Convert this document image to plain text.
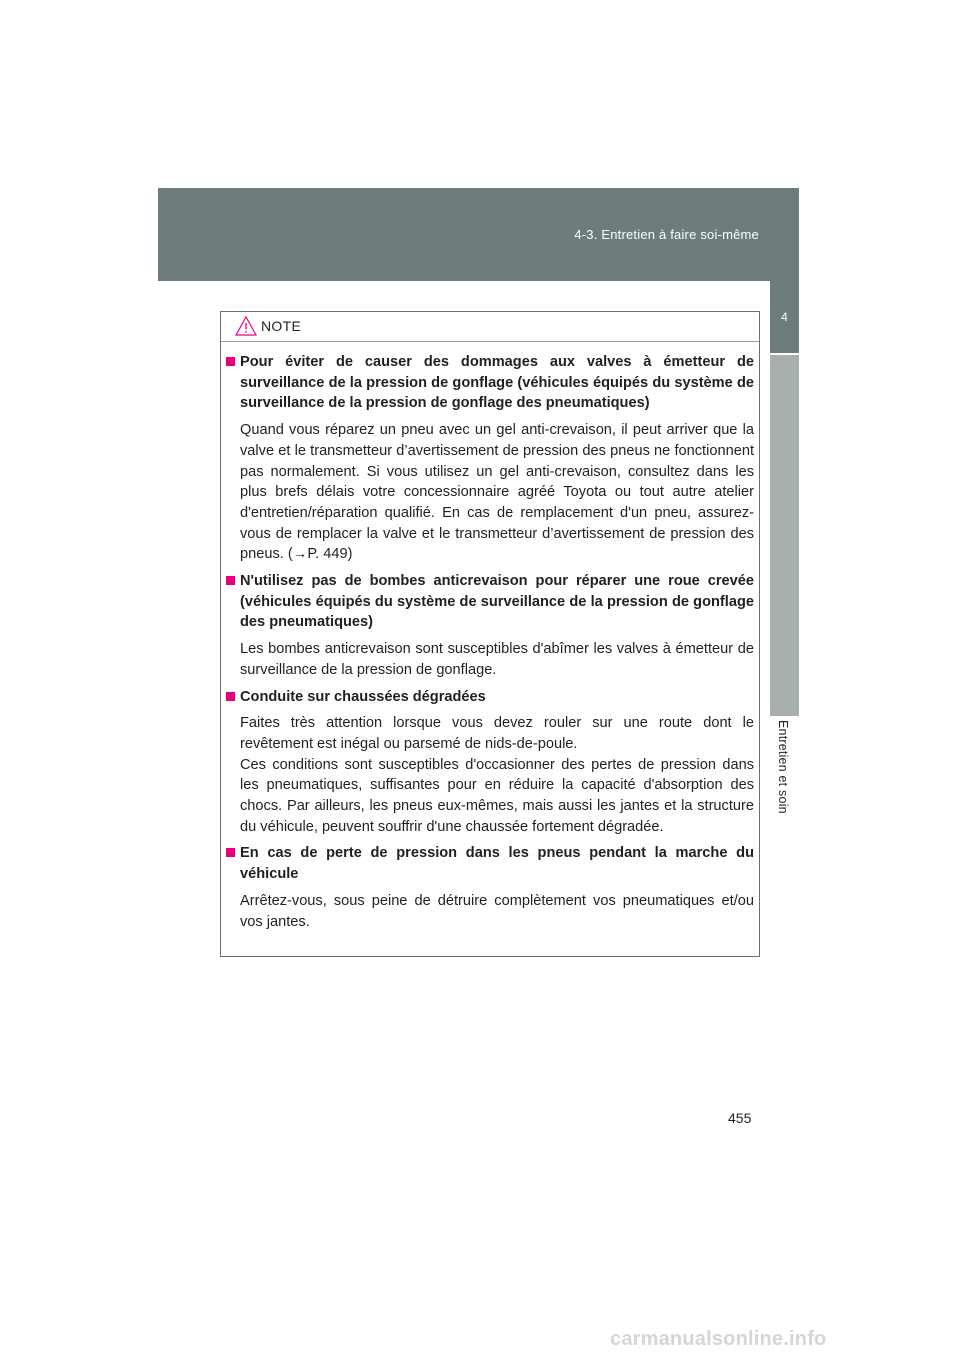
4-3. Entretien à faire soi-même
4
Entretien et soin
NOTE
Pour éviter de causer des dommages aux valves à émetteur de surveillance de la pression de gonflage (véhicules équipés du système de surveillance de la pression de gonflage des pneumatiques)
Quand vous réparez un pneu avec un gel anti-crevaison, il peut arriver que la valve et le transmetteur d’avertissement de pression des pneus ne fonctionnent pas normalement. Si vous utilisez un gel anti-crevaison, consultez dans les plus brefs délais votre concessionnaire agréé Toyota ou tout autre atelier d'entretien/réparation qualifié. En cas de remplacement d'un pneu, assurez-vous de remplacer la valve et le transmetteur d’avertissement de pression des pneus. (→P. 449)
N'utilisez pas de bombes anticrevaison pour réparer une roue crevée (véhicules équipés du système de surveillance de la pression de gonflage des pneumatiques)
Les bombes anticrevaison sont susceptibles d'abîmer les valves à émetteur de surveillance de la pression de gonflage.
Conduite sur chaussées dégradées
Faites très attention lorsque vous devez rouler sur une route dont le revêtement est inégal ou parsemé de nids-de-poule.
Ces conditions sont susceptibles d'occasionner des pertes de pression dans les pneumatiques, suffisantes pour en réduire la capacité d'absorption des chocs. Par ailleurs, les pneus eux-mêmes, mais aussi les jantes et la structure du véhicule, peuvent souffrir d'une chaussée fortement dégradée.
En cas de perte de pression dans les pneus pendant la marche du véhicule
Arrêtez-vous, sous peine de détruire complètement vos pneumatiques et/ou vos jantes.
455
carmanualsonline.info
